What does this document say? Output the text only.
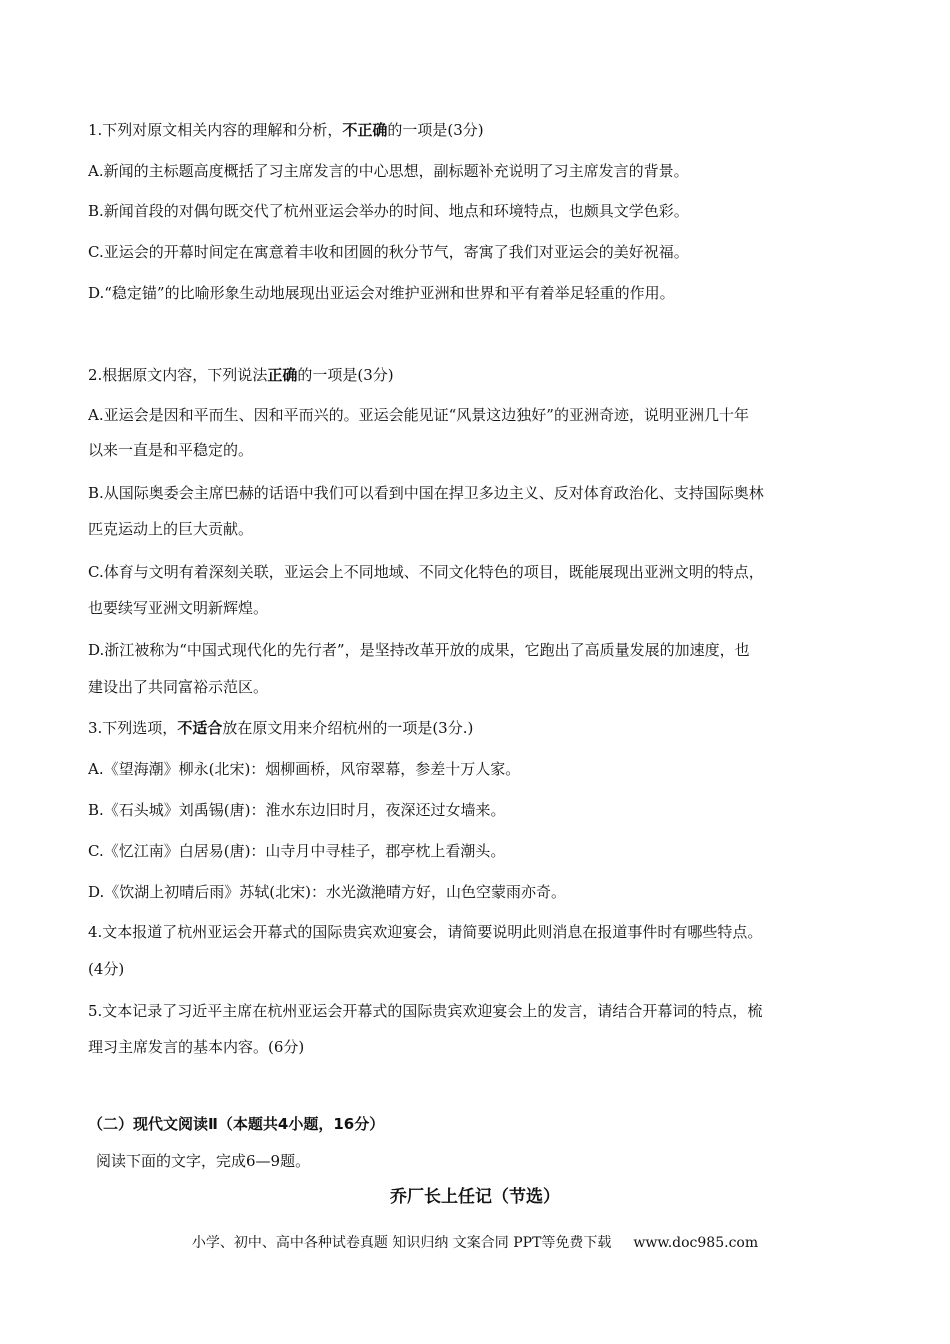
1.下列对原文相关内容的理解和分析，不正确的一项是(3分)
A.新闻的主标题高度概括了习主席发言的中心思想，副标题补充说明了习主席发言的背景。
B.新闻首段的对偶句既交代了杭州亚运会举办的时间、地点和环境特点，也颇具文学色彩。
C.亚运会的开幕时间定在寓意着丰收和团圆的秋分节气，寄寓了我们对亚运会的美好祝福。
D.“稳定锚”的比喻形象生动地展现出亚运会对维护亚洲和世界和平有着举足轻重的作用。
2.根据原文内容，下列说法正确的一项是(3分)
A.亚运会是因和平而生、因和平而兴的。亚运会能见证“风景这边独好”的亚洲奇迹，说明亚洲几十年
以来一直是和平稳定的。
B.从国际奥委会主席巴赫的话语中我们可以看到中国在捍卫多边主义、反对体育政治化、支持国际奥林
匹克运动上的巨大贡献。
C.体育与文明有着深刻关联，亚运会上不同地域、不同文化特色的项目，既能展现出亚洲文明的特点，
也要续写亚洲文明新辉煌。
D.浙江被称为“中国式现代化的先行者”，是坚持改革开放的成果，它跑出了高质量发展的加速度，也
建设出了共同富裕示范区。
3.下列选项，不适合放在原文用来介绍杭州的一项是(3分.)
A.《望海潮》柳永(北宋)：烟柳画桥，风帘翠幕，参差十万人家。
B.《石头城》刘禹锡(唐)：淮水东边旧时月，夜深还过女墙来。
C.《忆江南》白居易(唐)：山寺月中寻桂子，郡亭枕上看潮头。
D.《饮湖上初晴后雨》苏轼(北宋)：水光潋滟晴方好，山色空蒙雨亦奇。
4.文本报道了杭州亚运会开幕式的国际贵宾欢迎宴会，请简要说明此则消息在报道事件时有哪些特点。
(4分)
5.文本记录了习近平主席在杭州亚运会开幕式的国际贵宾欢迎宴会上的发言，请结合开幕词的特点，梳
理习主席发言的基本内容。(6分)
（二）现代文阅读Ⅱ（本题共4小题，16分）
阅读下面的文字，完成6—9题。
乔厂长上任记（节选）
小学、初中、高中各种试卷真题 知识归纳 文案合同 PPT等免费下载 www.doc985.com
